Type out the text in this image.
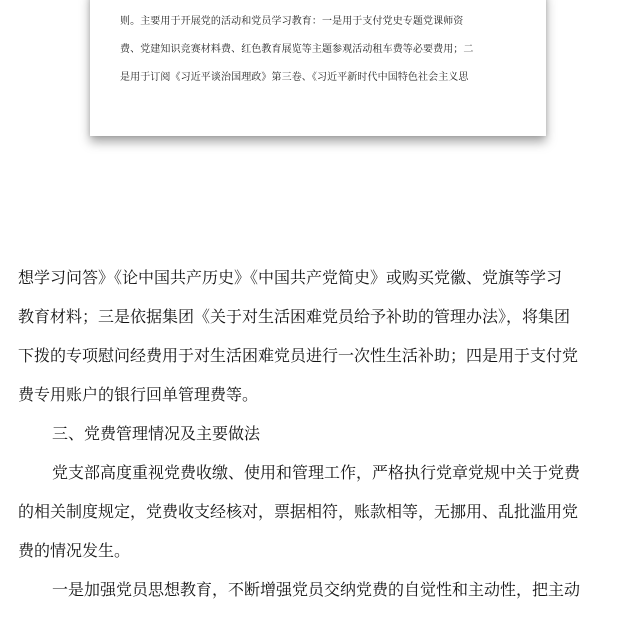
则。主要用于开展党的活动和党员学习教育：一是用于支付党史专题党课师资
费、党建知识竞赛材料费、红色教育展览等主题参观活动租车费等必要费用；二
是用于订阅《习近平谈治国理政》第三卷、《习近平新时代中国特色社会主义思
想学习问答》《论中国共产历史》《中国共产党简史》或购买党徽、党旗等学习
教育材料；三是依据集团《关于对生活困难党员给予补助的管理办法》，将集团
下拨的专项慰问经费用于对生活困难党员进行一次性生活补助；四是用于支付党
费专用账户的银行回单管理费等。
三、党费管理情况及主要做法
党支部高度重视党费收缴、使用和管理工作，严格执行党章党规中关于党费
的相关制度规定，党费收支经核对，票据相符，账款相等，无挪用、乱批滥用党
费的情况发生。
一是加强党员思想教育，不断增强党员交纳党费的自觉性和主动性，把主动
